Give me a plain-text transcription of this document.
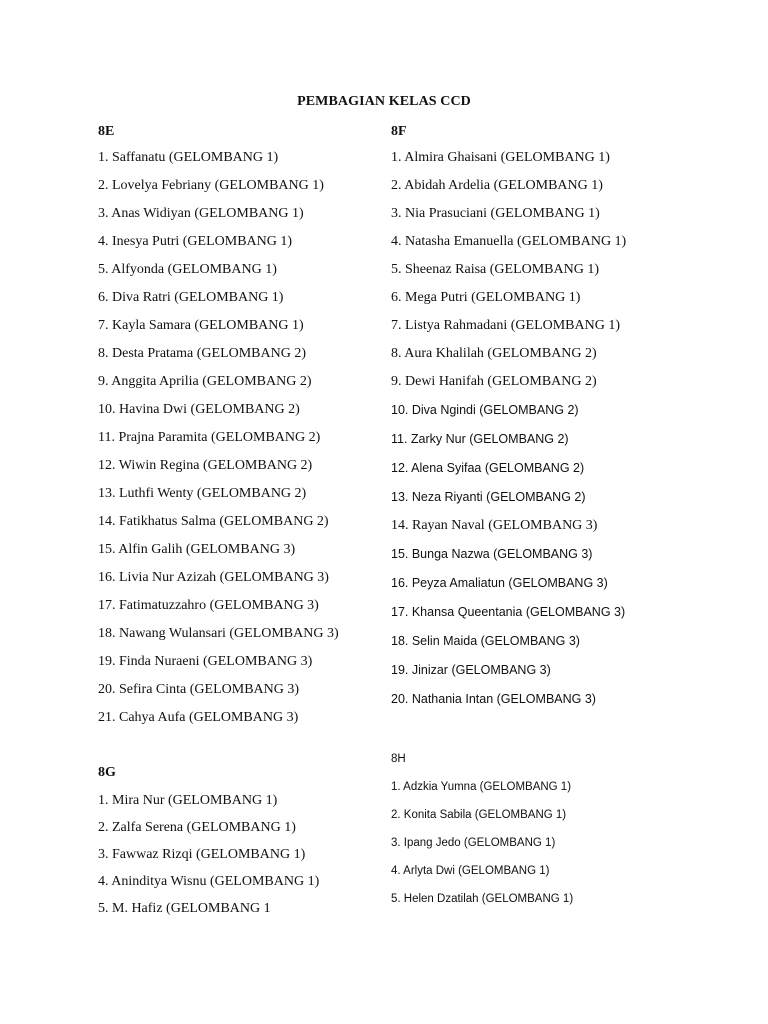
PEMBAGIAN KELAS CCD
8E
1. Saffanatu (GELOMBANG 1)
2. Lovelya Febriany (GELOMBANG 1)
3. Anas Widiyan (GELOMBANG 1)
4. Inesya Putri (GELOMBANG 1)
5. Alfyonda (GELOMBANG 1)
6. Diva Ratri (GELOMBANG 1)
7. Kayla Samara (GELOMBANG 1)
8. Desta Pratama (GELOMBANG 2)
9. Anggita Aprilia (GELOMBANG 2)
10. Havina Dwi (GELOMBANG 2)
11. Prajna Paramita (GELOMBANG 2)
12. Wiwin Regina (GELOMBANG 2)
13. Luthfi Wenty (GELOMBANG 2)
14. Fatikhatus Salma (GELOMBANG 2)
15. Alfin Galih (GELOMBANG 3)
16. Livia Nur Azizah (GELOMBANG 3)
17. Fatimatuzzahro (GELOMBANG 3)
18. Nawang Wulansari (GELOMBANG 3)
19. Finda Nuraeni (GELOMBANG 3)
20. Sefira Cinta (GELOMBANG 3)
21. Cahya Aufa (GELOMBANG 3)
8F
1. Almira Ghaisani (GELOMBANG 1)
2. Abidah Ardelia (GELOMBANG 1)
3. Nia Prasuciani (GELOMBANG 1)
4. Natasha Emanuella (GELOMBANG 1)
5. Sheenaz Raisa (GELOMBANG 1)
6. Mega Putri (GELOMBANG 1)
7. Listya Rahmadani (GELOMBANG 1)
8. Aura Khalilah (GELOMBANG 2)
9. Dewi Hanifah (GELOMBANG 2)
10. Diva Ngindi (GELOMBANG 2)
11. Zarky Nur (GELOMBANG 2)
12. Alena Syifaa (GELOMBANG 2)
13. Neza Riyanti (GELOMBANG 2)
14. Rayan Naval (GELOMBANG 3)
15. Bunga Nazwa (GELOMBANG 3)
16. Peyza Amaliatun (GELOMBANG 3)
17. Khansa Queentania (GELOMBANG 3)
18. Selin Maida (GELOMBANG 3)
19. Jinizar (GELOMBANG 3)
20. Nathania Intan (GELOMBANG 3)
8G
1. Mira Nur (GELOMBANG 1)
2. Zalfa Serena (GELOMBANG 1)
3. Fawwaz Rizqi (GELOMBANG 1)
4. Aninditya Wisnu (GELOMBANG 1)
5. M. Hafiz (GELOMBANG 1
8H
1. Adzkia Yumna (GELOMBANG 1)
2. Konita Sabila (GELOMBANG 1)
3. Ipang Jedo (GELOMBANG 1)
4. Arlyta Dwi (GELOMBANG 1)
5. Helen Dzatilah (GELOMBANG 1)
